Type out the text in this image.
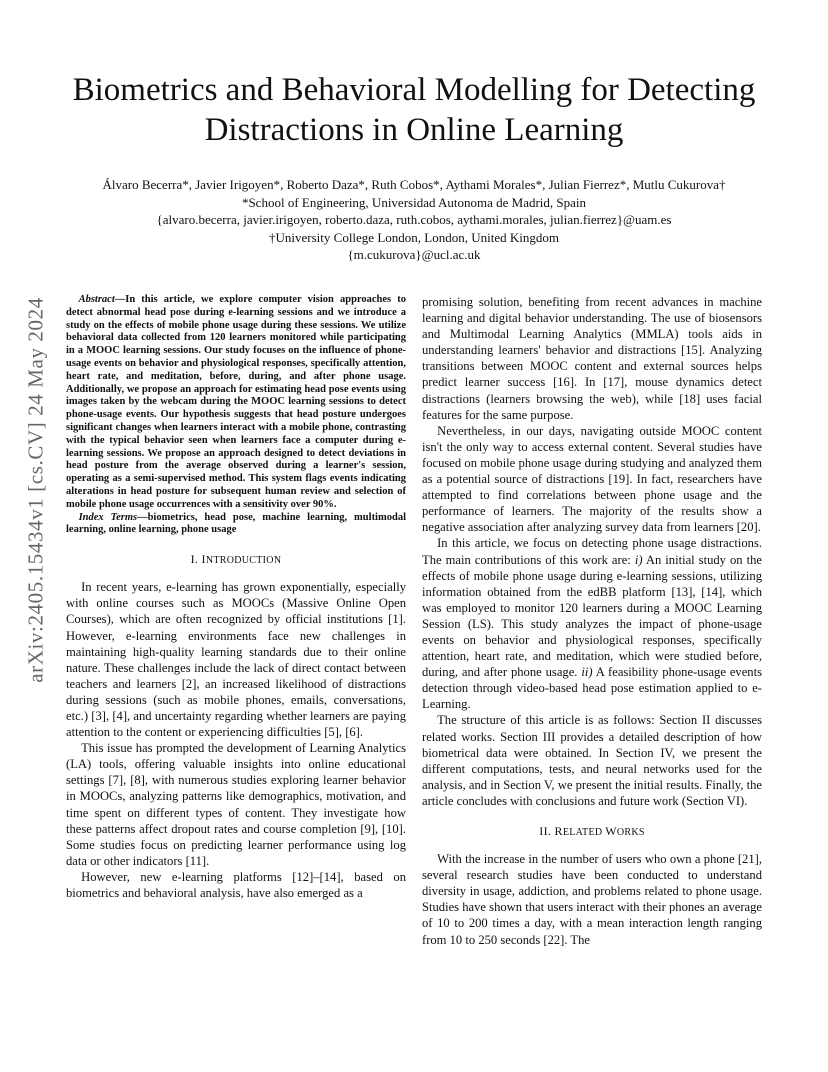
arXiv:2405.15434v1 [cs.CV] 24 May 2024
Biometrics and Behavioral Modelling for Detecting
Distractions in Online Learning
Álvaro Becerra*, Javier Irigoyen*, Roberto Daza*, Ruth Cobos*, Aythami Morales*, Julian Fierrez*, Mutlu Cukurova†
*School of Engineering, Universidad Autonoma de Madrid, Spain
{alvaro.becerra, javier.irigoyen, roberto.daza, ruth.cobos, aythami.morales, julian.fierrez}@uam.es
†University College London, London, United Kingdom
{m.cukurova}@ucl.ac.uk

Abstract—In this article, we explore computer vision approaches to detect abnormal head pose during e-learning sessions and we introduce a study on the effects of mobile phone usage during these sessions. We utilize behavioral data collected from 120 learners monitored while participating in a MOOC learning sessions. Our study focuses on the influence of phone-usage events on behavior and physiological responses, specifically attention, heart rate, and meditation, before, during, and after phone usage. Additionally, we propose an approach for estimating head pose events using images taken by the webcam during the MOOC learning sessions to detect phone-usage events. Our hypothesis suggests that head posture undergoes significant changes when learners interact with a mobile phone, contrasting with the typical behavior seen when learners face a computer during e-learning sessions. We propose an approach designed to detect deviations in head posture from the average observed during a learner's session, operating as a semi-supervised method. This system flags events indicating alterations in head posture for subsequent human review and selection of mobile phone usage occurrences with a sensitivity over 90%.

Index Terms—biometrics, head pose, machine learning, multimodal learning, online learning, phone usage

I. INTRODUCTION

In recent years, e-learning has grown exponentially, especially with online courses such as MOOCs (Massive Online Open Courses), which are often recognized by official institutions [1]. However, e-learning environments face new challenges in maintaining high-quality learning standards due to their online nature. These challenges include the lack of direct contact between teachers and learners [2], an increased likelihood of distractions during sessions (such as mobile phones, emails, conversations, etc.) [3], [4], and uncertainty regarding whether learners are paying attention to the content or experiencing difficulties [5], [6].

This issue has prompted the development of Learning Analytics (LA) tools, offering valuable insights into online educational settings [7], [8], with numerous studies exploring learner behavior in MOOCs, analyzing patterns like demographics, motivation, and time spent on different types of content. They investigate how these patterns affect dropout rates and course completion [9], [10]. Some studies focus on predicting learner performance using log data or other indicators [11].

However, new e-learning platforms [12]–[14], based on biometrics and behavioral analysis, have also emerged as a

promising solution, benefiting from recent advances in machine learning and digital behavior understanding. The use of biosensors and Multimodal Learning Analytics (MMLA) tools aids in understanding learners' behavior and distractions [15]. Analyzing transitions between MOOC content and external sources helps predict learner success [16]. In [17], mouse dynamics detect distractions (learners browsing the web), while [18] uses facial features for the same purpose.

Nevertheless, in our days, navigating outside MOOC content isn't the only way to access external content. Several studies have focused on mobile phone usage during studying and analyzed them as a potential source of distractions [19]. In fact, researchers have attempted to find correlations between phone usage and the performance of learners. The majority of the results show a negative association after analyzing survey data from learners [20].

In this article, we focus on detecting phone usage distractions. The main contributions of this work are: i) An initial study on the effects of mobile phone usage during e-learning sessions, utilizing information obtained from the edBB platform [13], [14], which was employed to monitor 120 learners during a MOOC Learning Session (LS). This study analyzes the impact of phone-usage events on behavior and physiological responses, specifically attention, heart rate, and meditation, which were studied before, during, and after phone usage. ii) A feasibility phone-usage events detection through video-based head pose estimation applied to e-Learning.

The structure of this article is as follows: Section II discusses related works. Section III provides a detailed description of how biometrical data were obtained. In Section IV, we present the different computations, tests, and neural networks used for the analysis, and in Section V, we present the initial results. Finally, the article concludes with conclusions and future work (Section VI).

II. RELATED WORKS

With the increase in the number of users who own a phone [21], several research studies have been conducted to understand diversity in usage, addiction, and problems related to phone usage. Studies have shown that users interact with their phones an average of 10 to 200 times a day, with a mean interaction length ranging from 10 to 250 seconds [22]. The
